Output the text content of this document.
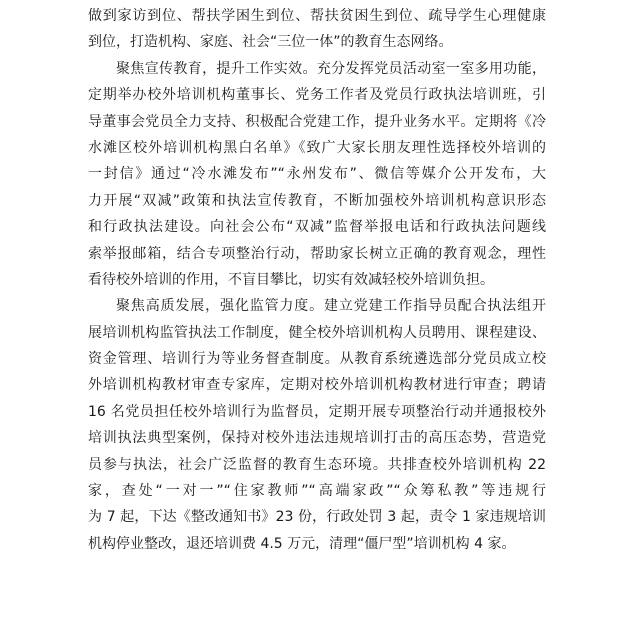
做到家访到位、帮扶学困生到位、帮扶贫困生到位、疏导学生心理健康
到位，打造机构、家庭、社会“三位一体”的教育生态网络。
聚焦宣传教育，提升工作实效。充分发挥党员活动室一室多用功能，
定期举办校外培训机构董事长、党务工作者及党员行政执法培训班，引
导董事会党员全力支持、积极配合党建工作，提升业务水平。定期将《冷
水滩区校外培训机构黑白名单》《致广大家长朋友理性选择校外培训的
一封信》通过“冷水滩发布”“永州发布”、微信等媒介公开发布，大
力开展“双减”政策和执法宣传教育，不断加强校外培训机构意识形态
和行政执法建设。向社会公布“双减”监督举报电话和行政执法问题线
索举报邮箱，结合专项整治行动，帮助家长树立正确的教育观念，理性
看待校外培训的作用，不盲目攀比，切实有效减轻校外培训负担。
聚焦高质发展，强化监管力度。建立党建工作指导员配合执法组开
展培训机构监管执法工作制度，健全校外培训机构人员聘用、课程建设、
资金管理、培训行为等业务督查制度。从教育系统遴选部分党员成立校
外培训机构教材审查专家库，定期对校外培训机构教材进行审查；聘请
16 名党员担任校外培训行为监督员，定期开展专项整治行动并通报校外
培训执法典型案例，保持对校外违法违规培训打击的高压态势，营造党
员参与执法，社会广泛监督的教育生态环境。共排查校外培训机构 22
家，查处“一对一”“住家教师”“高端家政”“众筹私教”等违规行
为 7 起，下达《整改通知书》23 份，行政处罚 3 起，责令 1 家违规培训
机构停业整改，退还培训费 4.5 万元，清理“僵尸型”培训机构 4 家。
